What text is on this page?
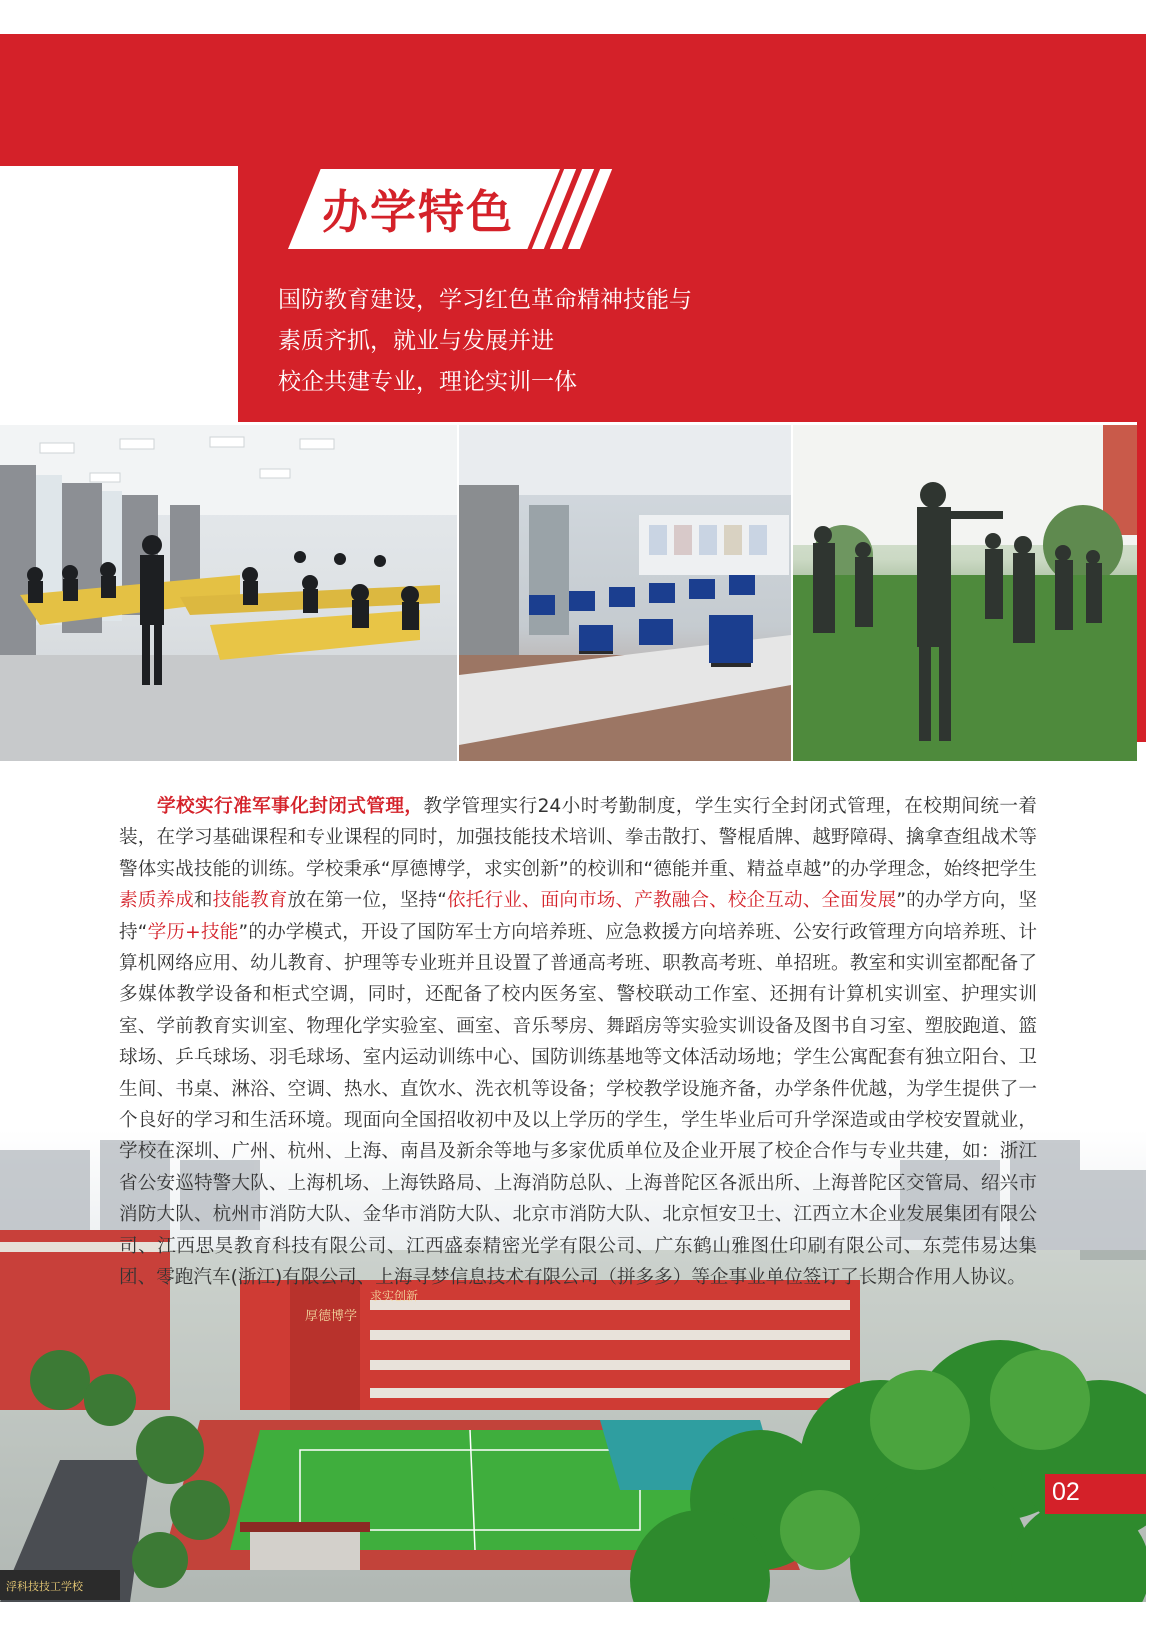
办学特色
国防教育建设，学习红色革命精神技能与
素质齐抓，就业与发展并进
校企共建专业，理论实训一体
厚德博学
求实创新
浮科技技工学校

学校实行准军事化封闭式管理，教学管理实行24小时考勤制度，学生实行全封闭式管理，在校期间统一着装，在学习基础课程和专业课程的同时，加强技能技术培训、拳击散打、警棍盾牌、越野障碍、擒拿查组战术等警体实战技能的训练。学校秉承“厚德博学，求实创新”的校训和“德能并重、精益卓越”的办学理念，始终把学生素质养成和技能教育放在第一位，坚持“依托行业、面向市场、产教融合、校企互动、全面发展”的办学方向，坚持“学历+技能”的办学模式，开设了国防军士方向培养班、应急救援方向培养班、公安行政管理方向培养班、计算机网络应用、幼儿教育、护理等专业班并且设置了普通高考班、职教高考班、单招班。教室和实训室都配备了多媒体教学设备和柜式空调，同时，还配备了校内医务室、警校联动工作室、还拥有计算机实训室、护理实训室、学前教育实训室、物理化学实验室、画室、音乐琴房、舞蹈房等实验实训设备及图书自习室、塑胶跑道、篮球场、乒乓球场、羽毛球场、室内运动训练中心、国防训练基地等文体活动场地；学生公寓配套有独立阳台、卫生间、书桌、淋浴、空调、热水、直饮水、洗衣机等设备；学校教学设施齐备，办学条件优越，为学生提供了一个良好的学习和生活环境。现面向全国招收初中及以上学历的学生，学生毕业后可升学深造或由学校安置就业，学校在深圳、广州、杭州、上海、南昌及新余等地与多家优质单位及企业开展了校企合作与专业共建，如：浙江省公安巡特警大队、上海机场、上海铁路局、上海消防总队、上海普陀区各派出所、上海普陀区交管局、绍兴市消防大队、杭州市消防大队、金华市消防大队、北京市消防大队、北京恒安卫士、江西立木企业发展集团有限公司、江西思昊教育科技有限公司、江西盛泰精密光学有限公司、广东鹤山雅图仕印刷有限公司、东莞伟易达集团、零跑汽车(浙江)有限公司、上海寻梦信息技术有限公司（拼多多）等企事业单位签订了长期合作用人协议。

02
